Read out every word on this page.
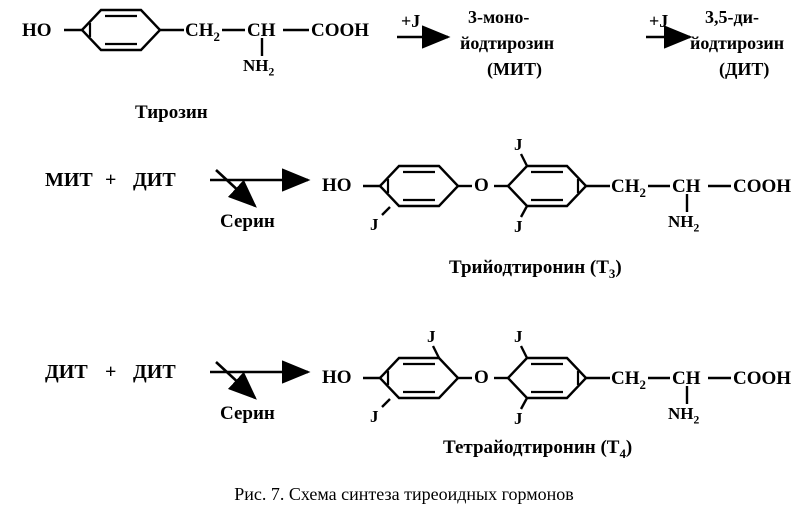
HO	$CH_2$ CH COOH
$NH_2$
Тирозин
+J	3-моно-
йодтирозин
(МИТ)
+J 3,5-ди-
йодтирозин
(ДИТ)
МИТ + ДИТ
Серин
HO
J
O
J
J
$CH_2$ CH COOH
$NH_2$
Трийодтиронин $(T_3)$
ДИТ + ДИТ
Серин
HO
J
J
O
J
J
$CH_2$ CH COOH
$NH_2$
Тетрайодтиронин $(T_4)$
Рис. 7. Схема синтеза тиреоидных гормонов
